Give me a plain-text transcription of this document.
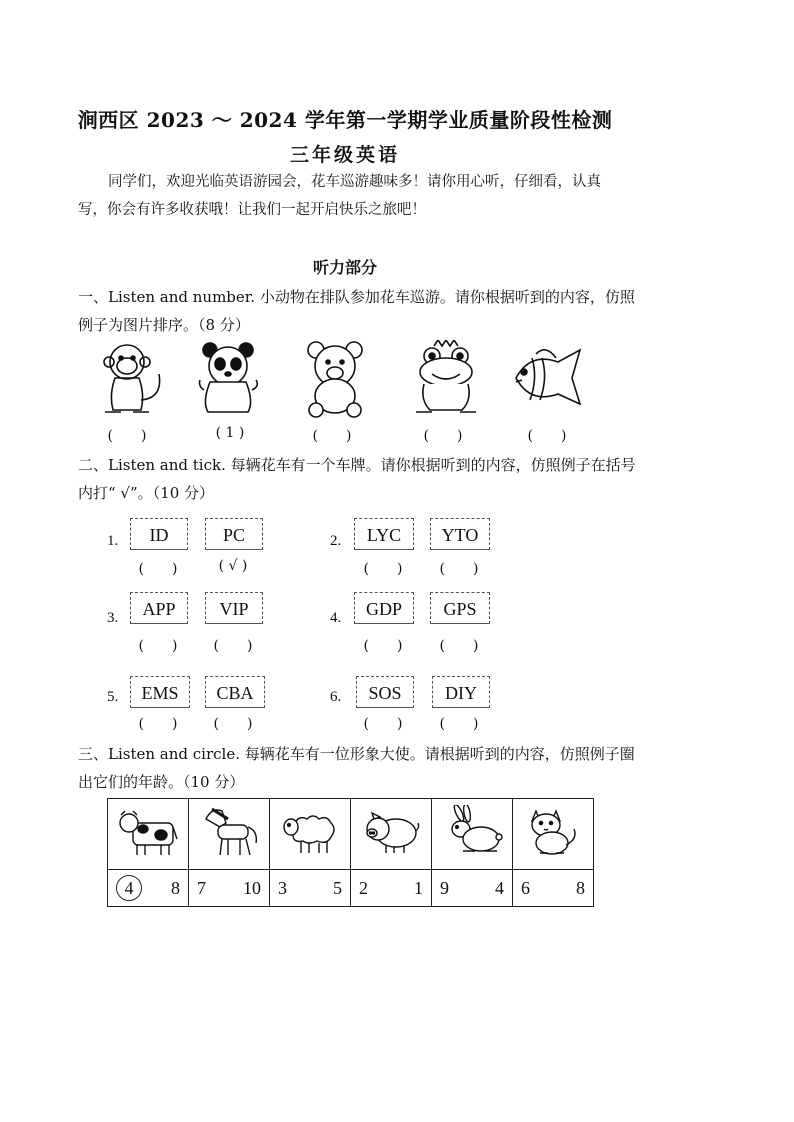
涧西区 2023 ～ 2024 学年第一学期学业质量阶段性检测
三年级英语
同学们，欢迎光临英语游园会，花车巡游趣味多！请你用心听，仔细看，认真写，你会有许多收获哦！让我们一起开启快乐之旅吧！
听力部分
一、Listen and number. 小动物在排队参加花车巡游。请你根据听到的内容，仿照例子为图片排序。（8 分）
(　　)	( 1 )	(　　)	(　　)	(　　)
二、Listen and tick. 每辆花车有一个车牌。请你根据听到的内容，仿照例子在括号内打“ √”。（10 分）
1.	ID	PC
(　　)	( √ )
2.	LYC	YTO
(　　)	(　　)
3.	APP	VIP
(　　)	(　　)
4.	GDP	GPS
(　　)	(　　)
5.	EMS	CBA
(　　)	(　　)
6.	SOS	DIY
(　　)	(　　)
三、Listen and circle. 每辆花车有一位形象大使。请根据听到的内容，仿照例子圈出它们的年龄。（10 分）

4 8	7 10	3 5	2 1	9 4	6 8
